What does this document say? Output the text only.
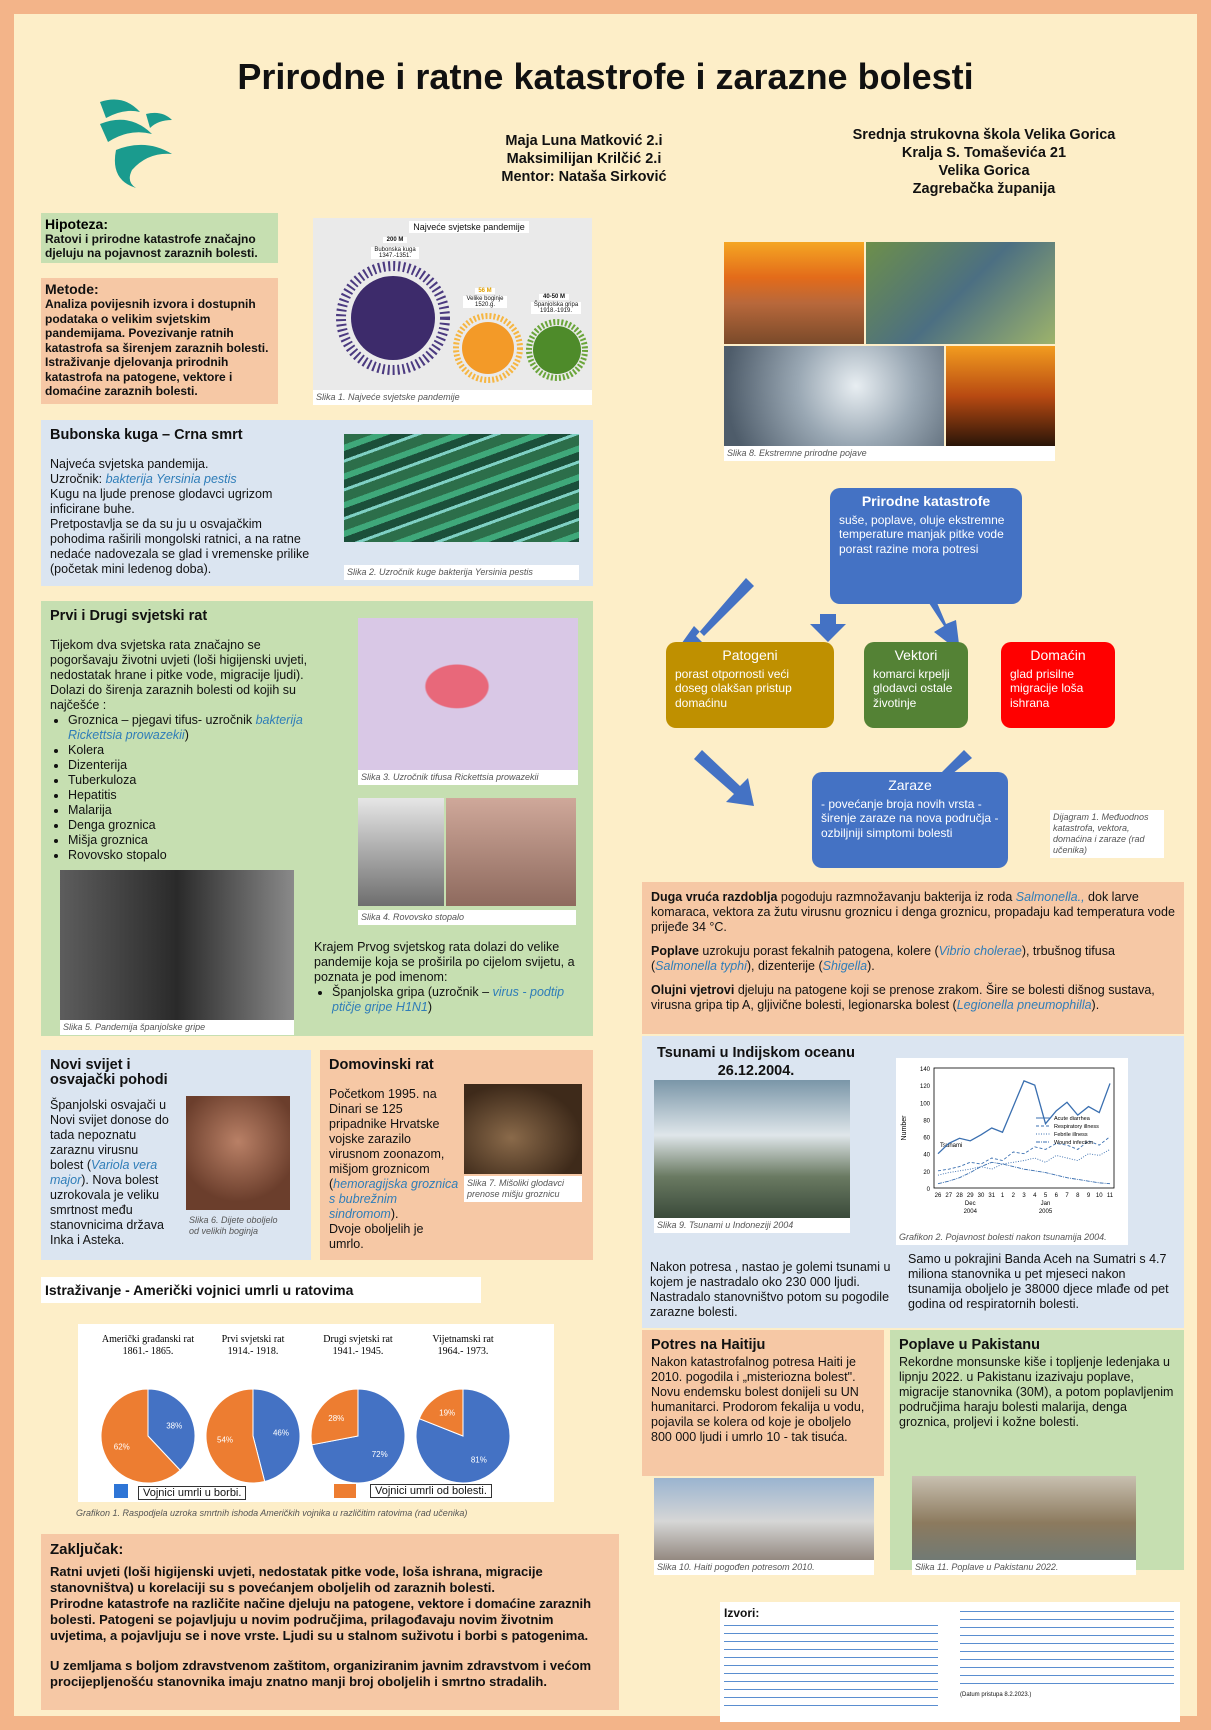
Prirodne i ratne katastrofe i zarazne bolesti
Maja Luna Matković 2.i
Maksimilijan Krilčić 2.i
Mentor: Nataša Sirković
Srednja strukovna škola Velika Gorica
Kralja S. Tomaševića 21
Velika Gorica
Zagrebačka županija
Hipoteza:
Ratovi i prirodne katastrofe značajno djeluju na pojavnost zaraznih bolesti.
Metode:
Analiza povijesnih izvora i dostupnih podataka o velikim svjetskim pandemijama. Povezivanje ratnih katastrofa sa širenjem zaraznih bolesti. Istraživanje djelovanja prirodnih katastrofa na patogene, vektore i domaćine zaraznih bolesti.
Najveće svjetske pandemije
200 M
Bubonska kuga 1347.-1351.
56 M
Velike boginje 1520.g.
40-50 M
Španjolska gripa 1918.-1919.
Slika 1. Najveće svjetske pandemije
Slika 8. Ekstremne prirodne pojave
Bubonska kuga – Crna smrt
Najveća svjetska pandemija.
Uzročnik: bakterija Yersinia pestis
Kugu na ljude prenose glodavci ugrizom inficirane buhe.
Pretpostavlja se da su ju u osvajačkim pohodima raširili mongolski ratnici, a na ratne nedaće nadovezala se glad i vremenske prilike (početak mini ledenog doba).	Slika 2. Uzročnik kuge bakterija Yersinia pestis
Prvi i Drugi svjetski rat
Tijekom dva svjetska rata značajno se pogoršavaju životni uvjeti (loši higijenski uvjeti, nedostatak hrane i pitke vode, migracije ljudi). Dolazi do širenja zaraznih bolesti od kojih su najčešće :
• Groznica – pjegavi tifus- uzročnik bakterija Rickettsia prowazekii)
• Kolera
• Dizenterija
• Tuberkuloza
• Hepatitis
• Malarija
• Denga groznica
• Mišja groznica
• Rovovsko stopalo
Slika 3. Uzročnik tifusa Rickettsia prowazekii
Slika 4. Rovovsko stopalo
Slika 5. Pandemija španjolske gripe
Krajem Prvog svjetskog rata dolazi do velike pandemije koja se proširila po cijelom svijetu, a poznata je pod imenom:
• Španjolska gripa (uzročnik – virus - podtip ptičje gripe H1N1)
Prirodne katastrofe
suše, poplave, oluje ekstremne temperature manjak pitke vode porast razine mora potresi
Patogeni
porast otpornosti veći doseg olakšan pristup domaćinu
Vektori
komarci krpelji glodavci ostale životinje
Domaćin
glad prisilne migracije loša ishrana
Zaraze
- povećanje broja novih vrsta - širenje zaraze na nova područja - ozbiljniji simptomi bolesti
Dijagram 1. Međuodnos katastrofa, vektora, domaćina i zaraze (rad učenika)
Duga vruća razdoblja pogoduju razmnožavanju bakterija iz roda Salmonella., dok larve komaraca, vektora za žutu virusnu groznicu i denga groznicu, propadaju kad temperatura vode prijeđe 34 °C.
Poplave uzrokuju porast fekalnih patogena, kolere (Vibrio cholerae), trbušnog tifusa (Salmonella typhi), dizenterije (Shigella).
Olujni vjetrovi djeluju na patogene koji se prenose zrakom. Šire se bolesti dišnog sustava, virusna gripa tip A, gljivične bolesti, legionarska bolest (Legionella pneumophilla).
Novi svijet i osvajački pohodi
Španjolski osvajači u Novi svijet donose do tada nepoznatu zaraznu virusnu bolest (Variola vera major). Nova bolest uzrokovala je veliku smrtnost među stanovnicima država Inka i Asteka.
Slika 6. Dijete oboljelo od velikih boginja
Domovinski rat
Početkom 1995. na Dinari se 125 pripadnike Hrvatske vojske zarazilo virusnom zoonazom, mišjom groznicom (hemoragijska groznica s bubrežnim sindromom).
Dvoje oboljelih je umrlo.
Slika 7. Mišoliki glodavci prenose mišju groznicu
Tsunami u Indijskom oceanu
26.12.2004.
Slika 9. Tsunami u Indoneziji 2004
0
20
40
60
80
100
120
140
Number
26 27 28 29 30 31 1 2 3 4 5 6 7 8 9 10 11
Dec
2004
Jan
2005
Tsunami
Acute diarrhea
Respiratory illness
Febrile illness
Wound infection
Grafikon 2. Pojavnost bolesti nakon tsunamija 2004.
Nakon potresa , nastao je golemi tsunami u kojem je nastradalo oko 230 000 ljudi. Nastradalo stanovništvo potom su pogodile zarazne bolesti.
Samo u pokrajini Banda Aceh na Sumatri s 4.7 miliona stanovnika u pet mjeseci nakon tsunamija oboljelo je 38000 djece mlađe od pet godina od respiratornih bolesti.
Istraživanje - Američki vojnici umrli u ratovima
Američki građanski rat
1861.- 1865.
38%
62%
Prvi svjetski rat
1914.- 1918.
46%
54%
Drugi svjetski rat
1941.- 1945.
72%
28%
Vijetnamski rat
1964.- 1973.
81%
19%
Vojnici umrli u borbi.	Vojnici umrli od bolesti.
Grafikon 1. Raspodjela uzroka smrtnih ishoda Američkih vojnika u različitim ratovima (rad učenika)
Potres na Haitiju
Nakon katastrofalnog potresa Haiti je 2010. pogodila i „misteriozna bolest". Novu endemsku bolest donijeli su UN humanitarci. Prodorom fekalija u vodu, pojavila se kolera od koje je oboljelo 800 000 ljudi i umrlo 10 - tak tisuća.
Slika 10. Haiti pogođen potresom 2010.
Poplave u Pakistanu
Rekordne monsunske kiše i topljenje ledenjaka u lipnju 2022. u Pakistanu izazivaju poplave, migracije stanovnika (30M), a potom poplavljenim područjima haraju bolesti malarija, denga groznica, proljevi i kožne bolesti.
Slika 11. Poplave u Pakistanu 2022.
Zaključak:
Ratni uvjeti (loši higijenski uvjeti, nedostatak pitke vode, loša ishrana, migracije stanovništva) u korelaciji su s povećanjem oboljelih od zaraznih bolesti.
Prirodne katastrofe na različite načine djeluju na patogene, vektore i domaćine zaraznih bolesti. Patogeni se pojavljuju u novim područjima, prilagođavaju novim životnim uvjetima, a pojavljuju se i nove vrste. Ljudi su u stalnom suživotu i borbi s patogenima.
U zemljama s boljom zdravstvenom zaštitom, organiziranim javnim zdravstvom i većom procijepljenošću stanovnika imaju znatno manji broj oboljelih i smrtno stradalih.
Izvori:
(Datum pristupa 8.2.2023.)
